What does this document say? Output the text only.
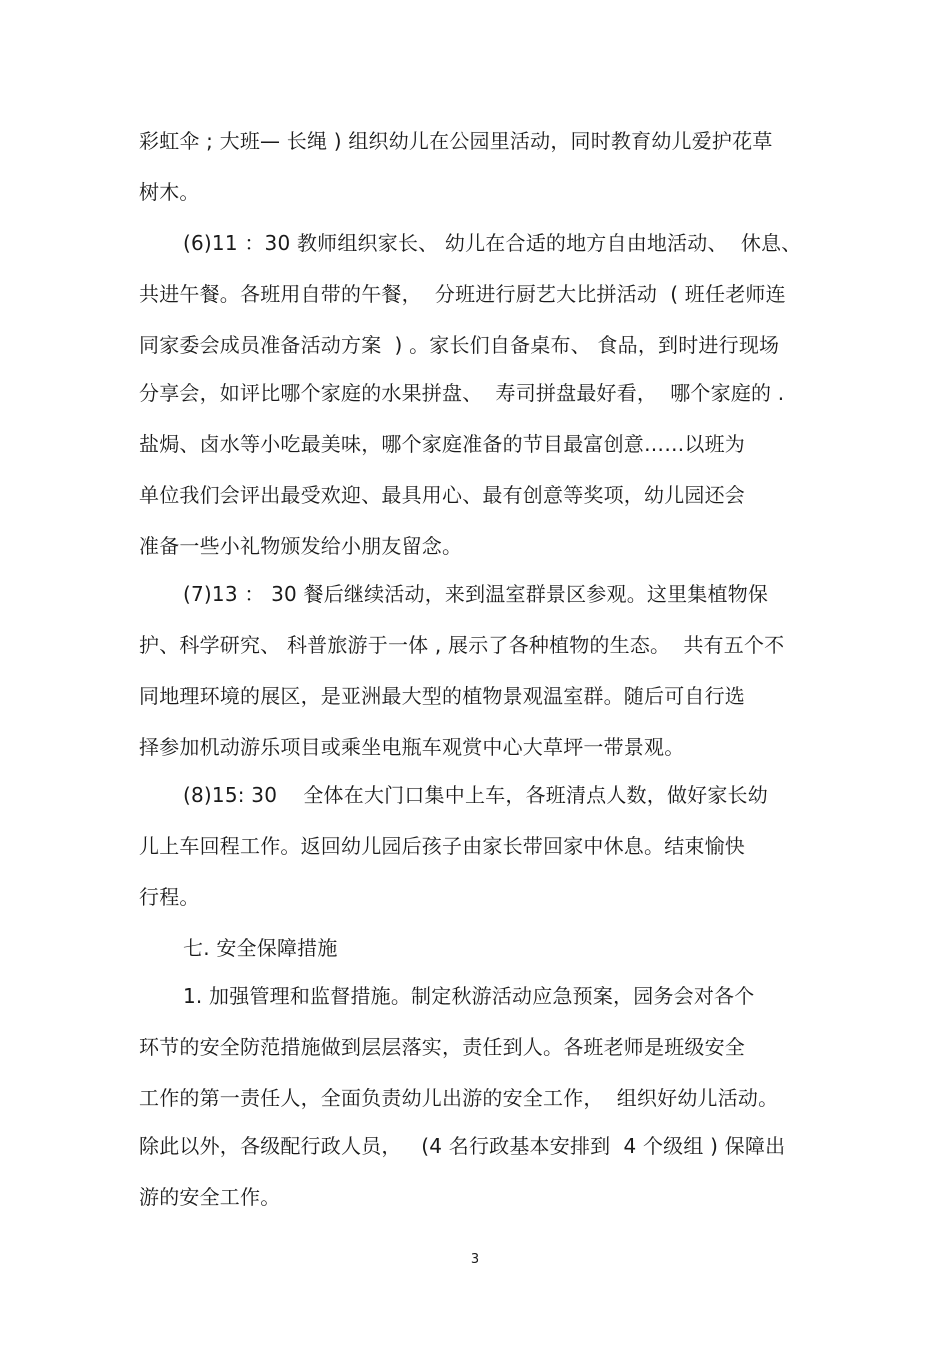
彩虹伞 ; 大班— 长绳 ) 组织幼儿在公园里活动，同时教育幼儿爱护花草
树木。
(6)11 ：30 教师组织家长、 幼儿在合适的地方自由地活动、  休息、
共进午餐。各班用自带的午餐，  分班进行厨艺大比拼活动  ( 班任老师连
同家委会成员准备活动方案  ) 。家长们自备桌布、 食品，到时进行现场
分享会，如评比哪个家庭的水果拼盘、  寿司拼盘最好看，  哪个家庭的 .
盐焗、卤水等小吃最美味，哪个家庭准备的节目最富创意……以班为
单位我们会评出最受欢迎、最具用心、最有创意等奖项，幼儿园还会
准备一些小礼物颁发给小朋友留念。
(7)13 ： 30 餐后继续活动，来到温室群景区参观。这里集植物保
护、科学研究、 科普旅游于一体 , 展示了各种植物的生态。  共有五个不
同地理环境的展区，是亚洲最大型的植物景观温室群。随后可自行选
择参加机动游乐项目或乘坐电瓶车观赏中心大草坪一带景观。
(8)15: 30    全体在大门口集中上车，各班清点人数，做好家长幼
儿上车回程工作。返回幼儿园后孩子由家长带回家中休息。结束愉快
行程。
七. 安全保障措施
1. 加强管理和监督措施。制定秋游活动应急预案，园务会对各个
环节的安全防范措施做到层层落实，责任到人。各班老师是班级安全
工作的第一责任人，全面负责幼儿出游的安全工作，  组织好幼儿活动。
除此以外，各级配行政人员，   (4 名行政基本安排到  4 个级组 ) 保障出
游的安全工作。
3
